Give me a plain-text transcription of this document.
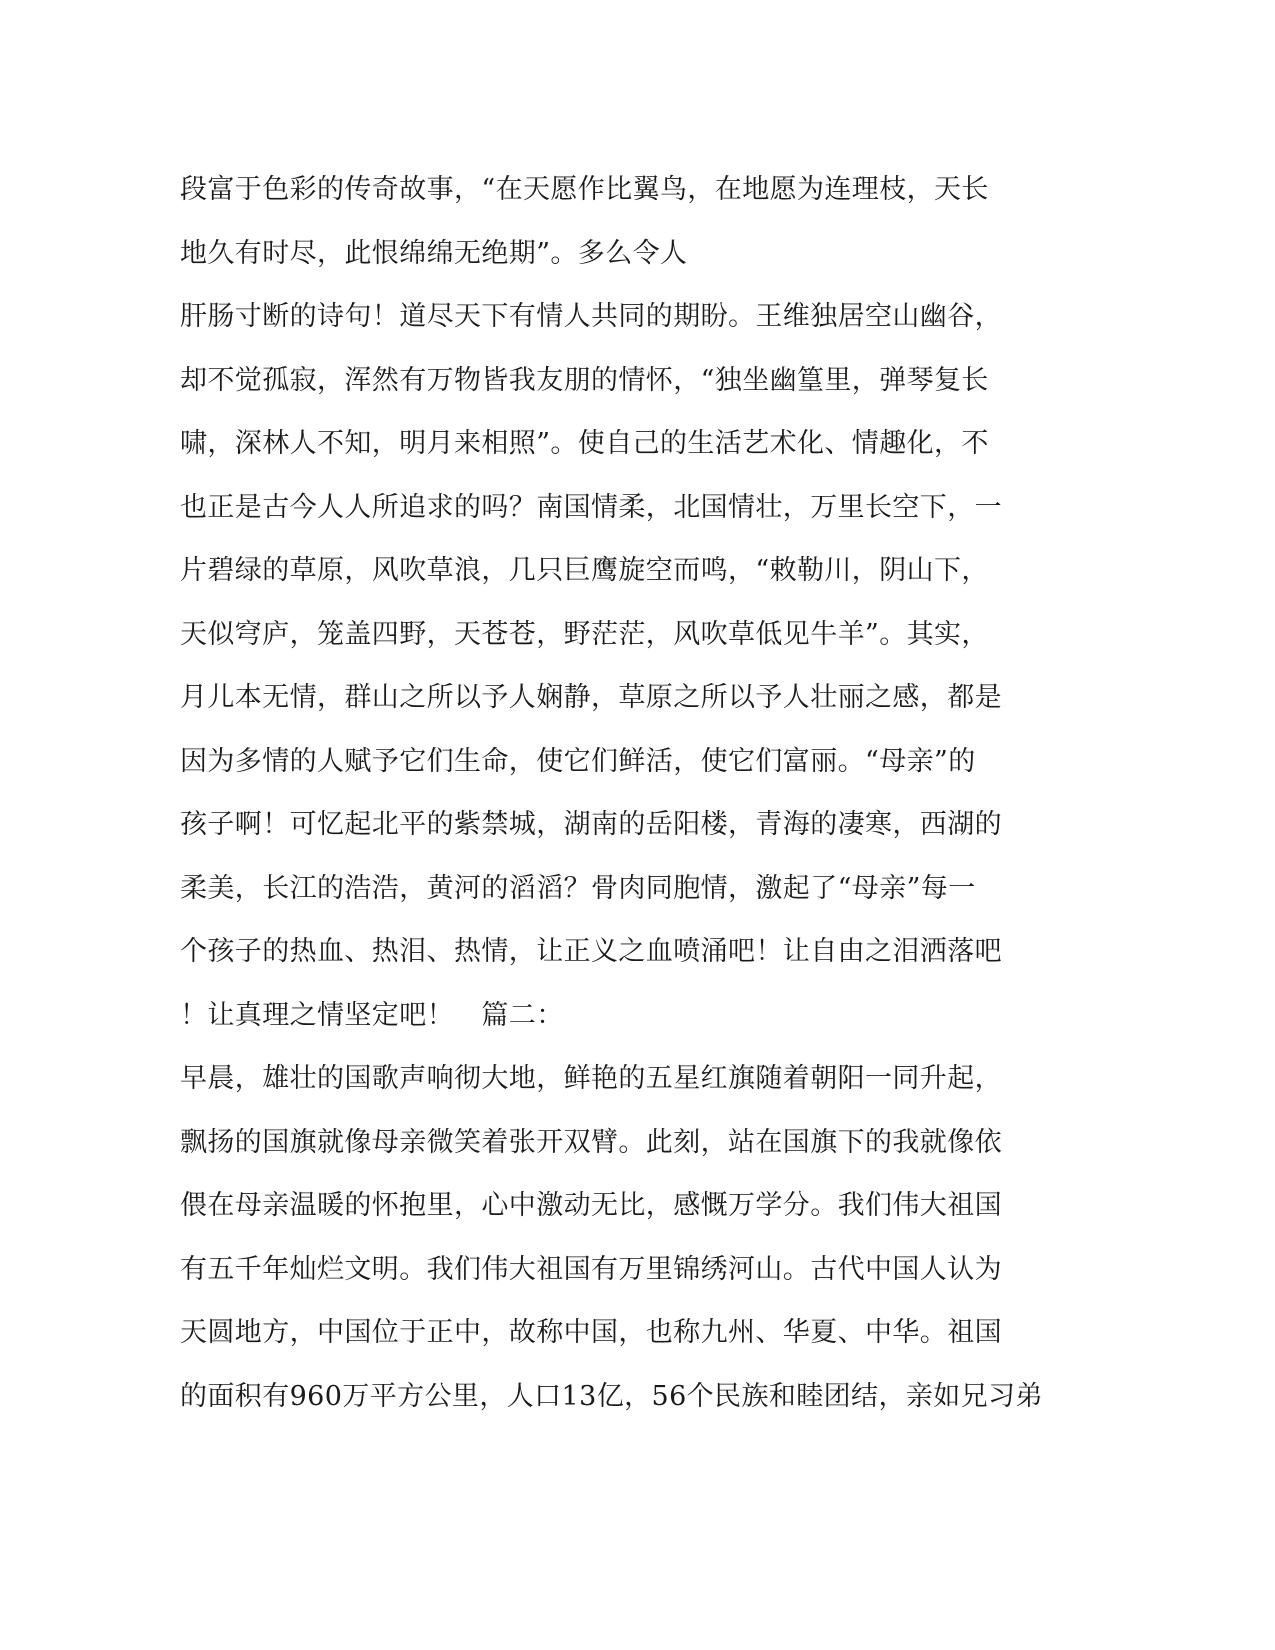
段富于色彩的传奇故事，“在天愿作比翼鸟，在地愿为连理枝，天长
地久有时尽，此恨绵绵无绝期”。多么令人
肝肠寸断的诗句！道尽天下有情人共同的期盼。王维独居空山幽谷，
却不觉孤寂，浑然有万物皆我友朋的情怀，“独坐幽篁里，弹琴复长
啸，深林人不知，明月来相照”。使自己的生活艺术化、情趣化，不
也正是古今人人所追求的吗？南国情柔，北国情壮，万里长空下，一
片碧绿的草原，风吹草浪，几只巨鹰旋空而鸣，“敕勒川，阴山下，
天似穹庐，笼盖四野，天苍苍，野茫茫，风吹草低见牛羊”。其实，
月儿本无情，群山之所以予人娴静，草原之所以予人壮丽之感，都是
因为多情的人赋予它们生命，使它们鲜活，使它们富丽。“母亲”的
孩子啊！可忆起北平的紫禁城，湖南的岳阳楼，青海的凄寒，西湖的
柔美，长江的浩浩，黄河的滔滔？骨肉同胞情，激起了“母亲”每一
个孩子的热血、热泪、热情，让正义之血喷涌吧！让自由之泪洒落吧
！让真理之情坚定吧！　篇二：
早晨，雄壮的国歌声响彻大地，鲜艳的五星红旗随着朝阳一同升起，
飘扬的国旗就像母亲微笑着张开双臂。此刻，站在国旗下的我就像依
偎在母亲温暖的怀抱里，心中激动无比，感慨万学分。我们伟大祖国
有五千年灿烂文明。我们伟大祖国有万里锦绣河山。古代中国人认为
天圆地方，中国位于正中，故称中国，也称九州、华夏、中华。祖国
的面积有960万平方公里，人口13亿，56个民族和睦团结，亲如兄习弟
